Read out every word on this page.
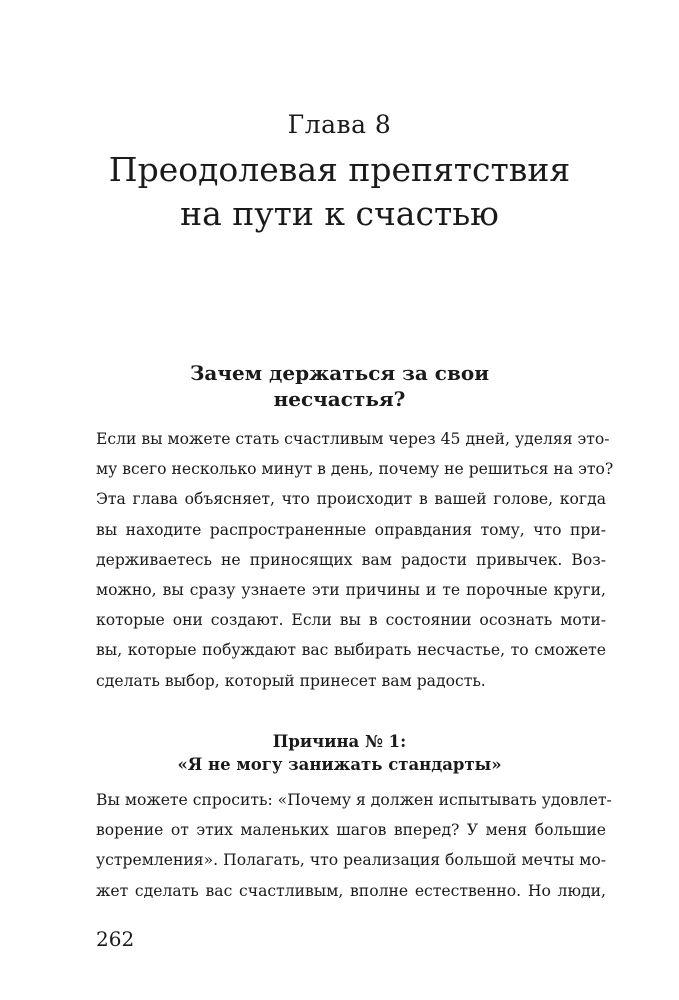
Глава 8
Преодолевая препятствия
на пути к счастью
Зачем держаться за свои
несчастья?
Если вы можете стать счастливым через 45 дней, уделяя это-
му всего несколько минут в день, почему не решиться на это?
Эта глава объясняет, что происходит в вашей голове, когда
вы находите распространенные оправдания тому, что при-
держиваетесь не приносящих вам радости привычек. Воз-
можно, вы сразу узнаете эти причины и те порочные круги,
которые они создают. Если вы в состоянии осознать моти-
вы, которые побуждают вас выбирать несчастье, то сможете
сделать выбор, который принесет вам радость.
Причина № 1:
«Я не могу занижать стандарты»
Вы можете спросить: «Почему я должен испытывать удовлет-
ворение от этих маленьких шагов вперед? У меня большие
устремления». Полагать, что реализация большой мечты мо-
жет сделать вас счастливым, вполне естественно. Но люди,
262
